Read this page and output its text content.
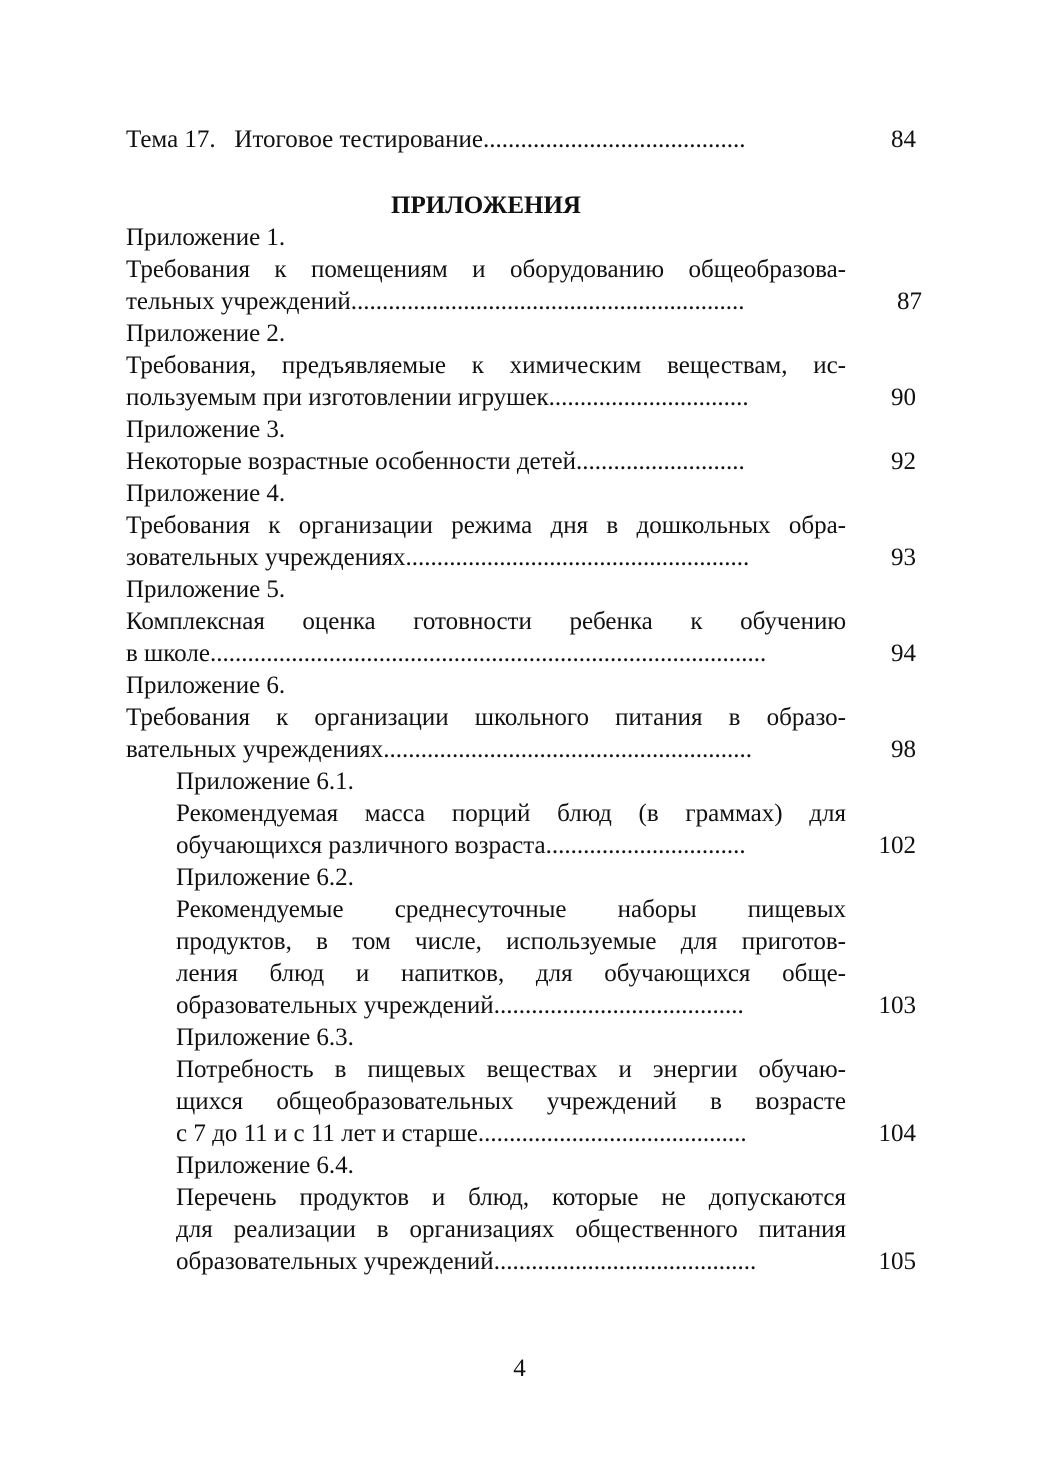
Тема 17.   Итоговое тестирование..........................................	84
ПРИЛОЖЕНИЯ
Приложение 1.
Требования к помещениям и оборудованию общеобразова-
тельных учреждений...............................................................	87
Приложение 2.
Требования, предъявляемые к химическим веществам, ис-
пользуемым при изготовлении игрушек................................	90
Приложение 3.
Некоторые возрастные особенности детей...........................	92
Приложение 4.
Требования к организации режима дня в дошкольных обра-
зовательных учреждениях.......................................................	93
Приложение 5.
Комплексная оценка готовности ребенка к обучению
в школе.........................................................................................	94
Приложение 6.
Требования к организации школьного питания в образо-
вательных учреждениях...........................................................	98
Приложение 6.1.
Рекомендуемая масса порций блюд (в граммах) для
обучающихся различного возраста................................	102
Приложение 6.2.
Рекомендуемые среднесуточные наборы пищевых
продуктов, в том числе, используемые для приготов-
ления блюд и напитков, для обучающихся обще-
образовательных учреждений........................................	103
Приложение 6.3.
Потребность в пищевых веществах и энергии обучаю-
щихся общеобразовательных учреждений в возрасте
с 7 до 11 и с 11 лет и старше...........................................	104
Приложение 6.4.
Перечень продуктов и блюд, которые не допускаются
для реализации в организациях общественного питания
образовательных учреждений..........................................	105
4
